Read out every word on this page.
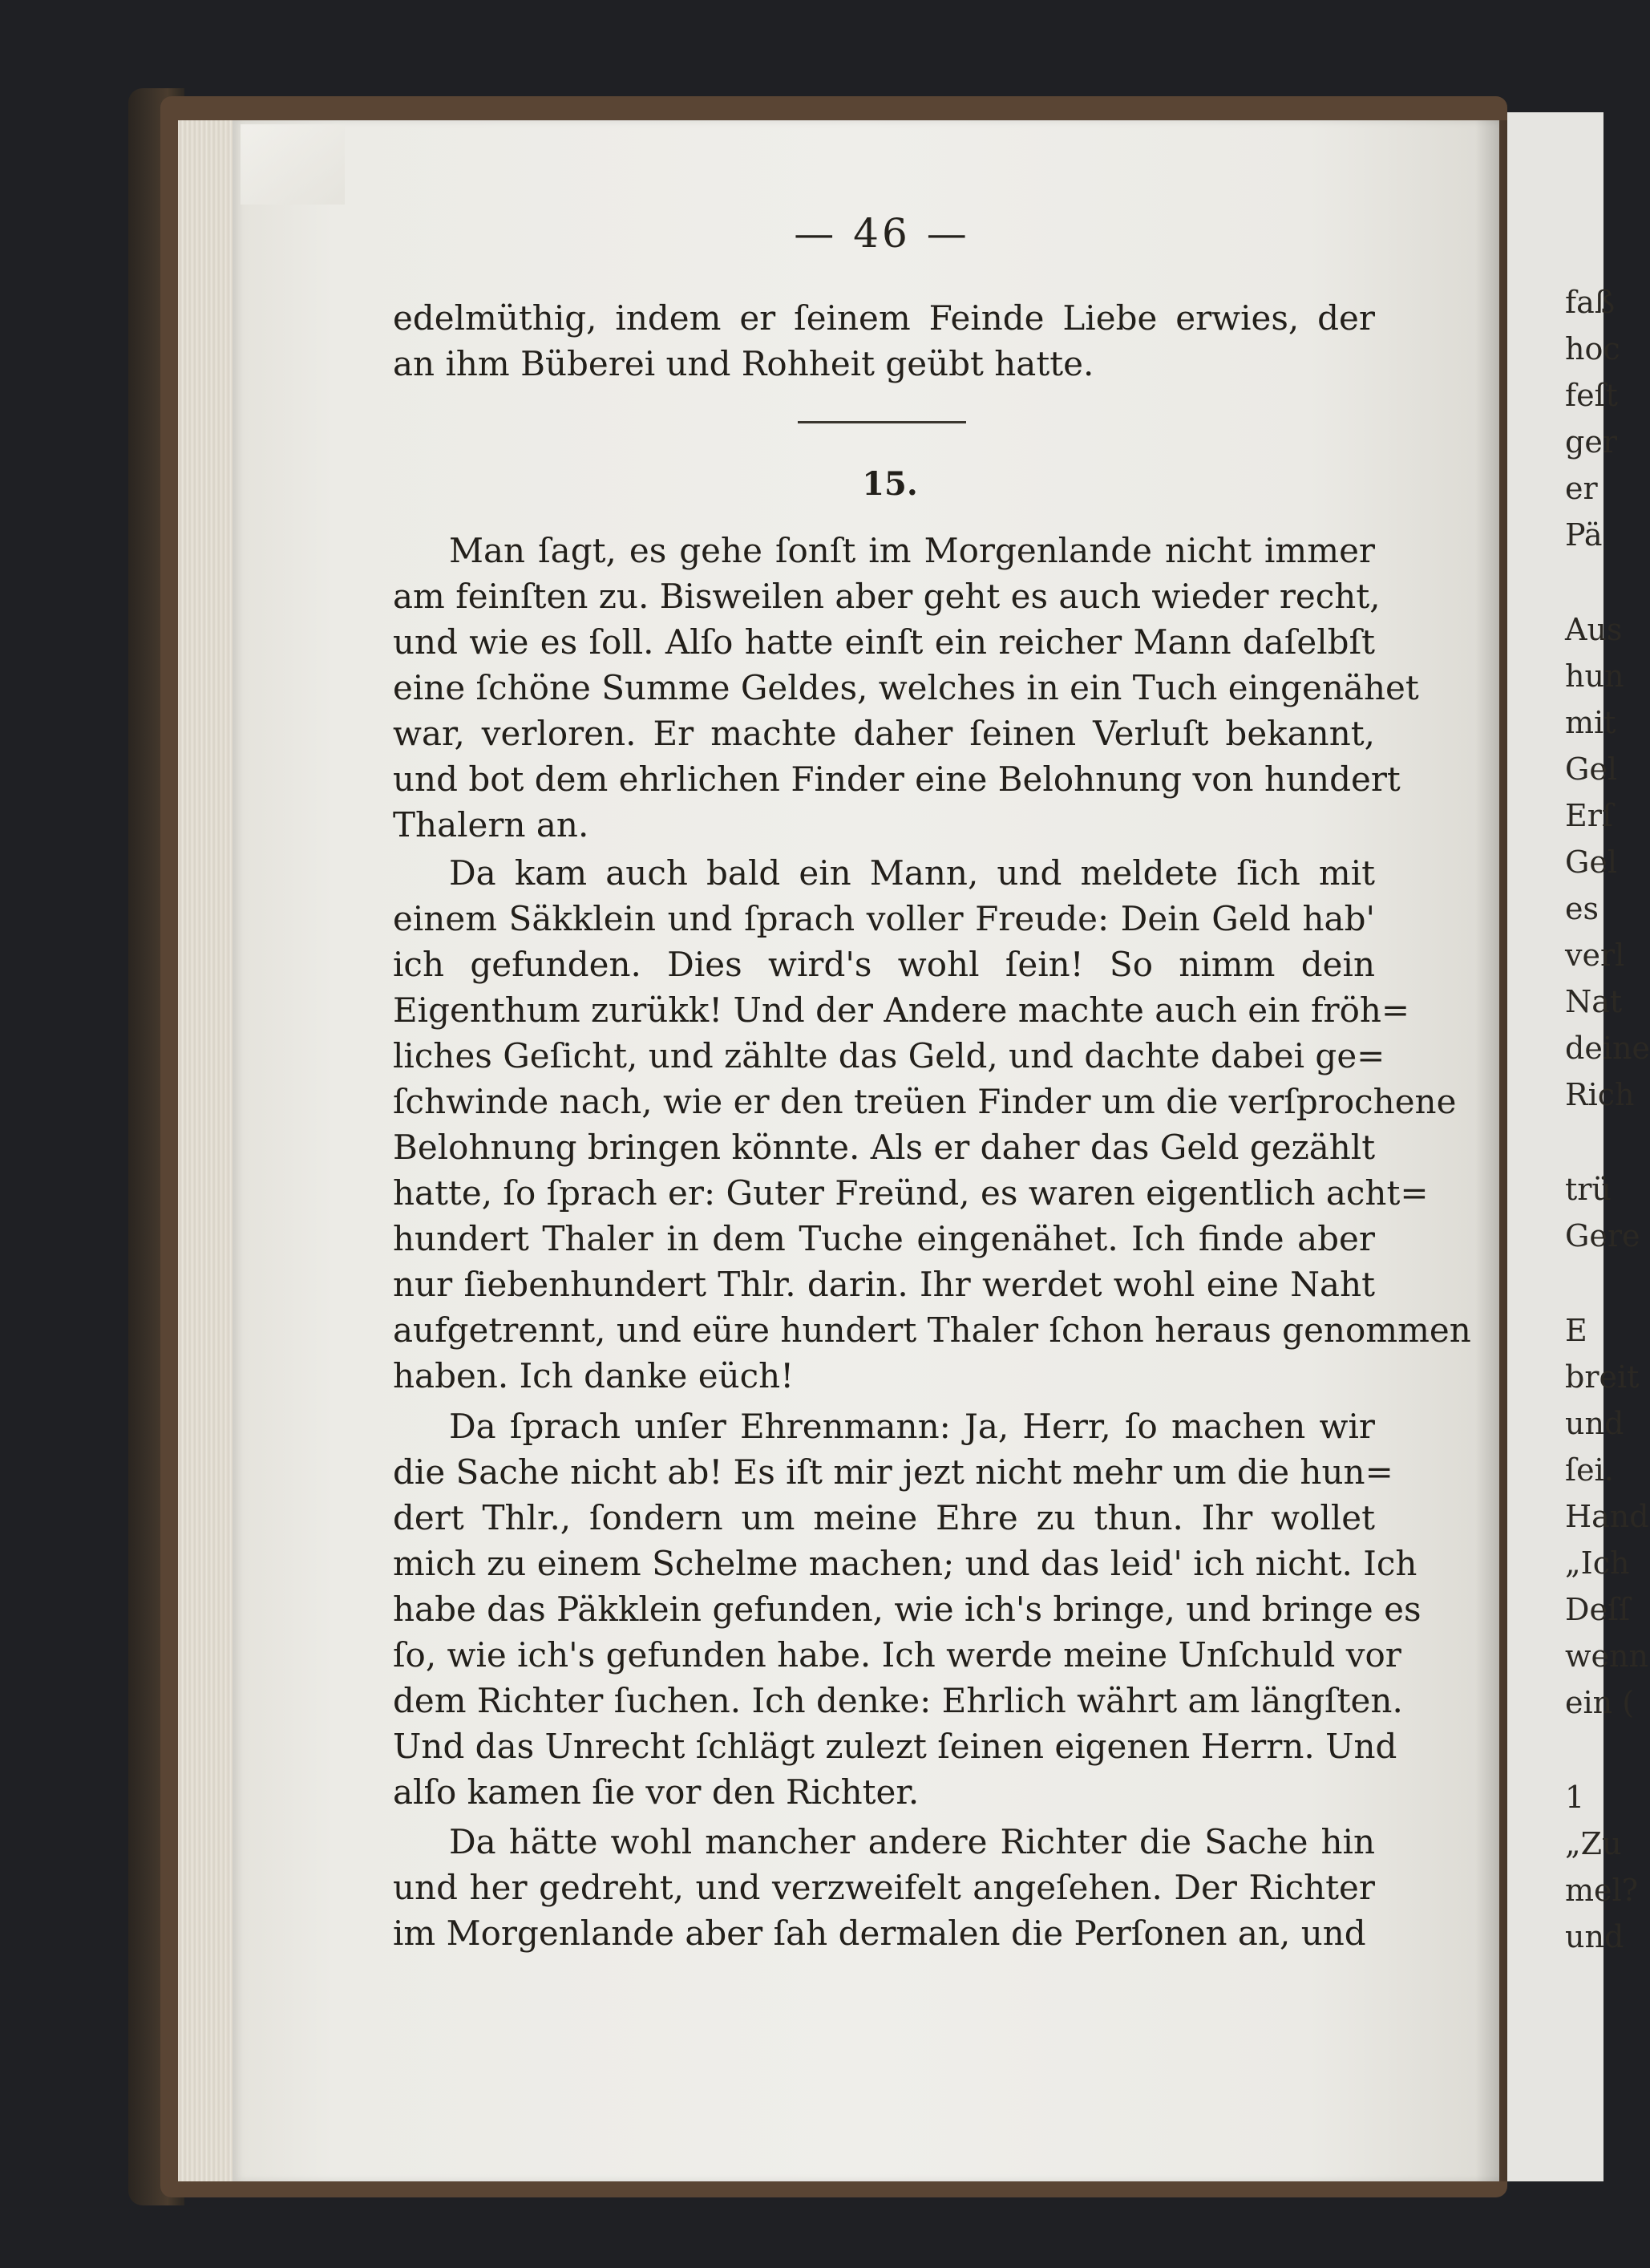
faß
hoc
feſt
ger
er
Pä
Aus
hun
mit
Gel
Erſ
Gel
es
verl
Nat
deine
Rich
trü
Gere
E
breit
und
ſei.
Hand
„Ich
Deſſ
wenn
ein (
1
„Zu
mel?
und
— 46 —
edelmüthig, indem er ſeinem Feinde Liebe erwies, der
an ihm Büberei und Rohheit geübt hatte.
15.
Man ſagt, es gehe ſonſt im Morgenlande nicht immer
am feinſten zu. Bisweilen aber geht es auch wieder recht,
und wie es ſoll. Alſo hatte einſt ein reicher Mann daſelbſt
eine ſchöne Summe Geldes, welches in ein Tuch eingenähet
war, verloren. Er machte daher ſeinen Verluſt bekannt,
und bot dem ehrlichen Finder eine Belohnung von hundert
Thalern an.
Da kam auch bald ein Mann, und meldete ſich mit
einem Säkklein und ſprach voller Freude: Dein Geld hab'
ich gefunden. Dies wird's wohl ſein! So nimm dein
Eigenthum zurükk! Und der Andere machte auch ein fröh=
liches Geſicht, und zählte das Geld, und dachte dabei ge=
ſchwinde nach, wie er den treüen Finder um die verſprochene
Belohnung bringen könnte. Als er daher das Geld gezählt
hatte, ſo ſprach er: Guter Freünd, es waren eigentlich acht=
hundert Thaler in dem Tuche eingenähet. Ich finde aber
nur ſiebenhundert Thlr. darin. Ihr werdet wohl eine Naht
aufgetrennt, und eüre hundert Thaler ſchon heraus genommen
haben. Ich danke eüch!
Da ſprach unſer Ehrenmann: Ja, Herr, ſo machen wir
die Sache nicht ab! Es iſt mir jezt nicht mehr um die hun=
dert Thlr., ſondern um meine Ehre zu thun. Ihr wollet
mich zu einem Schelme machen; und das leid' ich nicht. Ich
habe das Päkklein gefunden, wie ich's bringe, und bringe es
ſo, wie ich's gefunden habe. Ich werde meine Unſchuld vor
dem Richter ſuchen. Ich denke: Ehrlich währt am längſten.
Und das Unrecht ſchlägt zulezt ſeinen eigenen Herrn. Und
alſo kamen ſie vor den Richter.
Da hätte wohl mancher andere Richter die Sache hin
und her gedreht, und verzweifelt angeſehen. Der Richter
im Morgenlande aber ſah dermalen die Perſonen an, und
